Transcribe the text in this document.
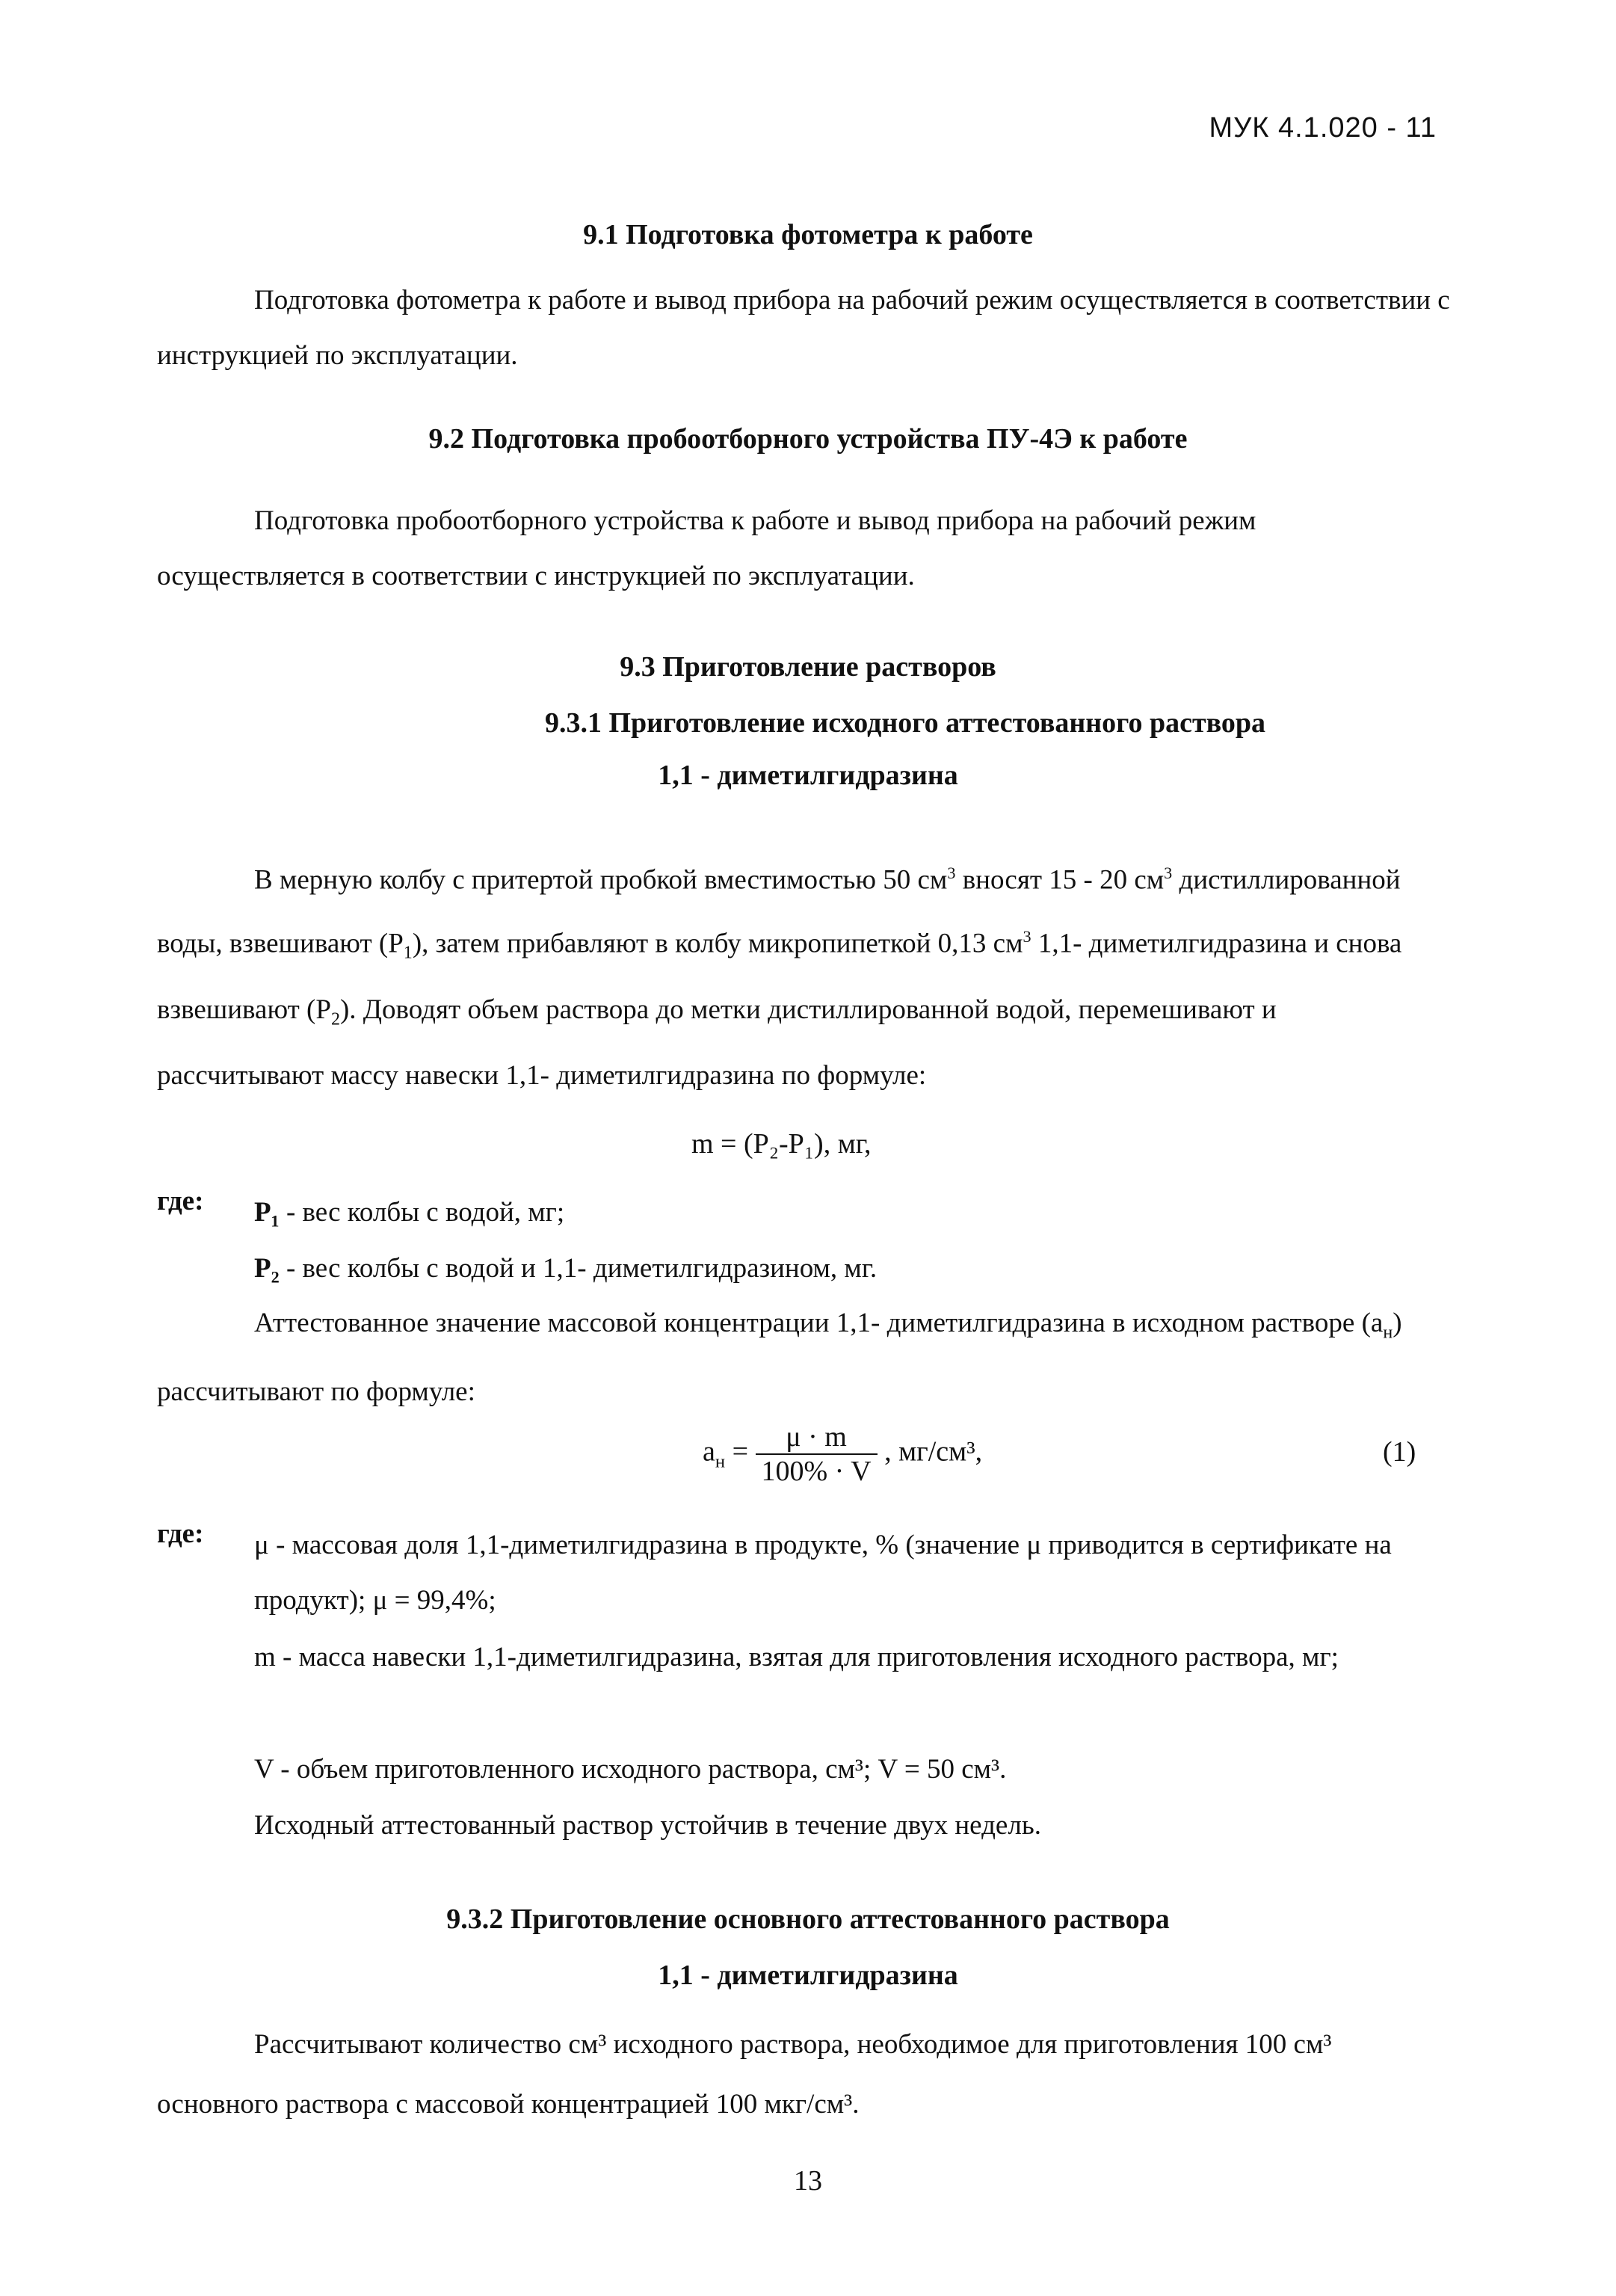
МУК 4.1.020 - 11
9.1 Подготовка фотометра к работе
Подготовка фотометра к работе и вывод прибора на рабочий режим осуществляется в соответствии с инструкцией по эксплуатации.
9.2 Подготовка пробоотборного устройства ПУ-4Э к работе
Подготовка пробоотборного устройства к работе и вывод прибора на рабочий режим осуществляется в соответствии с инструкцией по эксплуатации.
9.3 Приготовление растворов
9.3.1 Приготовление исходного аттестованного раствора
1,1 - диметилгидразина
В мерную колбу с притертой пробкой вместимостью 50 $см^3$ вносят 15 - 20 $см^3$ дистиллированной воды, взвешивают $(Р_1)$, затем прибавляют в колбу микропипеткой 0,13 $см^3$ 1,1- диметилгидразина и снова взвешивают $(Р_2)$. Доводят объем раствора до метки дистиллированной водой, перемешивают и рассчитывают массу навески 1,1- диметилгидразина по формуле:
m = (Р₂-Р₁), мг,
где: Р₁ - вес колбы с водой, мг;
Р₂ - вес колбы с водой и 1,1- диметилгидразином, мг.
Аттестованное значение массовой концентрации 1,1- диметилгидразина в исходном растворе $(а_н)$ рассчитывают по формуле:
$а_н = \frac{\mu \cdot m}{100\% \cdot V}$ , мг/см³,	(1)
где: μ - массовая доля 1,1-диметилгидразина в продукте, % (значение μ приводится в сертификате на продукт); μ = 99,4%;
m - масса навески 1,1-диметилгидразина, взятая для приготовления исходного раствора, мг;
V - объем приготовленного исходного раствора, см³; V = 50 см³.
Исходный аттестованный раствор устойчив в течение двух недель.
9.3.2 Приготовление основного аттестованного раствора
1,1 - диметилгидразина
Рассчитывают количество см³ исходного раствора, необходимое для приготовления 100 см³ основного раствора с массовой концентрацией 100 мкг/см³.
13
